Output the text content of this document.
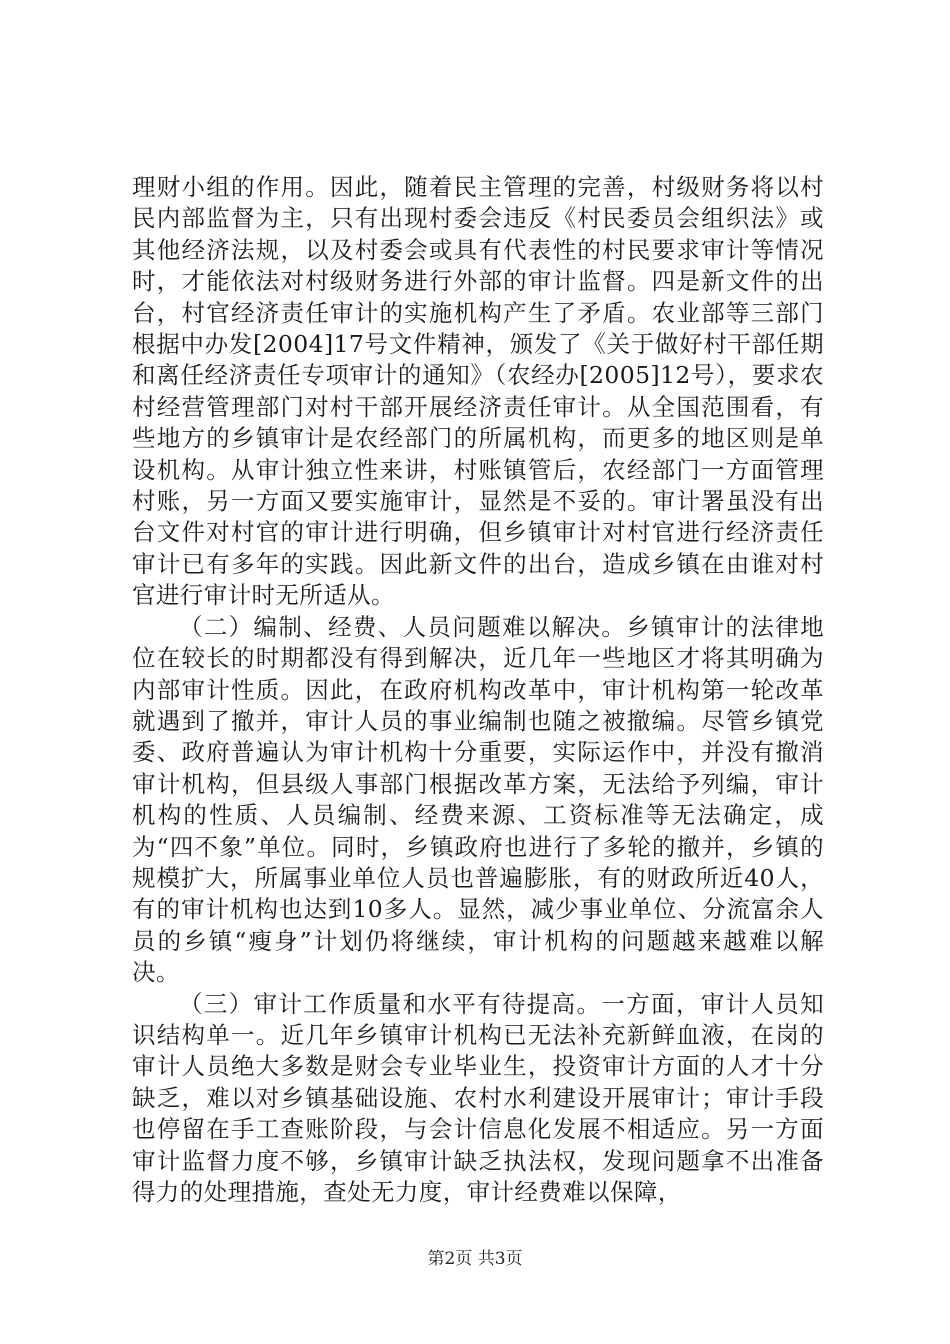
理财小组的作用。因此，随着民主管理的完善，村级财务将以村民内部监督为主，只有出现村委会违反《村民委员会组织法》或其他经济法规，以及村委会或具有代表性的村民要求审计等情况时，才能依法对村级财务进行外部的审计监督。四是新文件的出台，村官经济责任审计的实施机构产生了矛盾。农业部等三部门根据中办发[2004]17号文件精神，颁发了《关于做好村干部任期和离任经济责任专项审计的通知》（农经办[2005]12号），要求农村经营管理部门对村干部开展经济责任审计。从全国范围看，有些地方的乡镇审计是农经部门的所属机构，而更多的地区则是单设机构。从审计独立性来讲，村账镇管后，农经部门一方面管理村账，另一方面又要实施审计，显然是不妥的。审计署虽没有出台文件对村官的审计进行明确，但乡镇审计对村官进行经济责任审计已有多年的实践。因此新文件的出台，造成乡镇在由谁对村官进行审计时无所适从。

（二）编制、经费、人员问题难以解决。乡镇审计的法律地位在较长的时期都没有得到解决，近几年一些地区才将其明确为内部审计性质。因此，在政府机构改革中，审计机构第一轮改革就遇到了撤并，审计人员的事业编制也随之被撤编。尽管乡镇党委、政府普遍认为审计机构十分重要，实际运作中，并没有撤消审计机构，但县级人事部门根据改革方案，无法给予列编，审计机构的性质、人员编制、经费来源、工资标准等无法确定，成为“四不象”单位。同时，乡镇政府也进行了多轮的撤并，乡镇的规模扩大，所属事业单位人员也普遍膨胀，有的财政所近40人，有的审计机构也达到10多人。显然，减少事业单位、分流富余人员的乡镇“瘦身”计划仍将继续，审计机构的问题越来越难以解决。

（三）审计工作质量和水平有待提高。一方面，审计人员知识结构单一。近几年乡镇审计机构已无法补充新鲜血液，在岗的审计人员绝大多数是财会专业毕业生，投资审计方面的人才十分缺乏，难以对乡镇基础设施、农村水利建设开展审计；审计手段也停留在手工查账阶段，与会计信息化发展不相适应。另一方面审计监督力度不够，乡镇审计缺乏执法权，发现问题拿不出准备得力的处理措施，查处无力度，审计经费难以保障，

第2页 共3页
